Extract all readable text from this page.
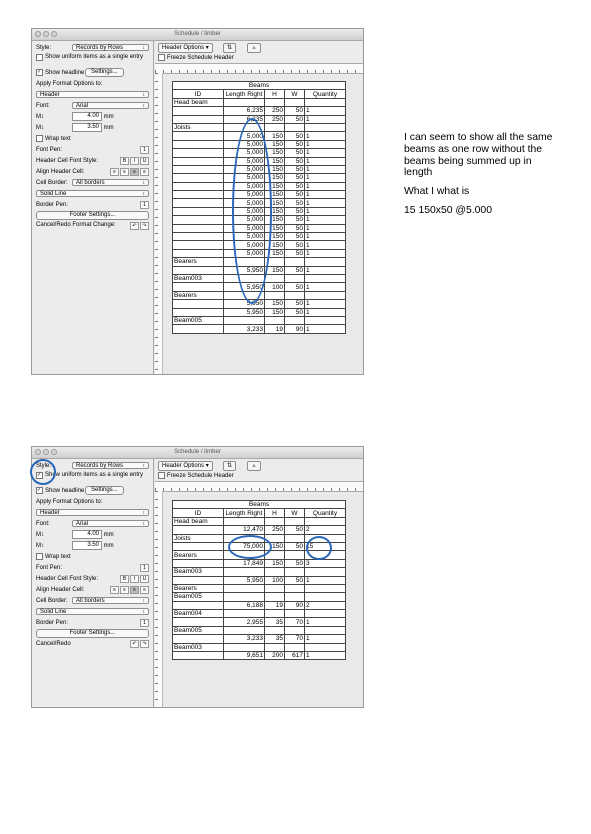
Schedule / timber
Style:	Records by Rows
↕
Show uniform items as a single entry
✓ Show headline	Settings...
Apply Format Options to:
Header
↕
Font:	Arial
↕
M↕	4.00
mm
M↕	3.50
mm
Wrap text
Font Pen:	1
Header Cell Font Style:	B	I	U
Align Header Cell:	≡	≡	≡	≡
Cell Border:	All borders
↕
Solid Line
↕
Border Pen:	1
Footer Settings...
Cancel/Redo Format Change:	↶	↷
Header Options ▾	⇅	▲
Freeze Schedule Header
Beams				
ID	Length Right	H	W	Quantity
Head beam				
	6,235	250	50	1
	6,235	250	50	1
Joists				
	5,000	150	50	1
	5,000	150	50	1
	5,000	150	50	1
	5,000	150	50	1
	5,000	150	50	1
	5,000	150	50	1
	5,000	150	50	1
	5,000	150	50	1
	5,000	150	50	1
	5,000	150	50	1
	5,000	150	50	1
	5,000	150	50	1
	5,000	150	50	1
	5,000	150	50	1
	5,000	150	50	1
Bearers				
	5,950	150	50	1
Beam003				
	5,950	100	50	1
Bearers				
	5,950	150	50	1
	5,950	150	50	1
Beam005				
	3,233	19	90	1
Schedule / timber
Style:	Records by Rows
↕
✓ Show uniform items as a single entry
✓ Show headline	Settings...
Apply Format Options to:
Header
↕
Font:	Arial
↕
M↕	4.00
mm
M↕	3.50
mm
Wrap text
Font Pen:	1
Header Cell Font Style:	B	I	U
Align Header Cell:	≡	≡	≡	≡
Cell Border:	All borders
↕
Solid Line
↕
Border Pen:	1
Footer Settings...
Cancel/Redo	↶	↷
Header Options ▾	⇅	▲
Freeze Schedule Header
Beams				
ID	Length Right	H	W	Quantity
Head beam				
	12,470	250	50	2
Joists				
	75,000	150	50	15
Bearers				
	17,849	150	50	3
Beam003				
	5,950	100	50	1
Bearers				
Beam005				
	6,188	19	90	2
Beam004				
	2,955	35	70	1
Beam005				
	3,233	35	70	1
Beam003				
	9,651	200	617	1

I can seem to show all the same beams as one row without the beams being summed up in length

What I what is

15 150x50 @5.000
